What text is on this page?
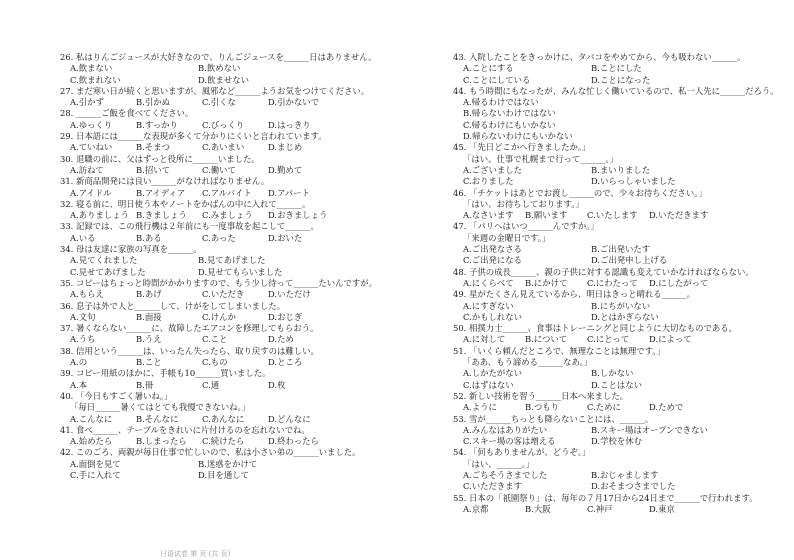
26. 私はりんごジュースが大好きなので、りんごジュースを______日はありません。
A.飲まない	B.飲めない
C.飲まれない	D.飲ませない
27. まだ寒い日が続くと思いますが、風邪など______ようお気をつけてください。
A.引かず	B.引かぬ	C.引くな	D.引かないで
28. ______ご飯を食べてください。
A.ゆっくり	B.すっかり	C.びっくり	D.はっきり
29. 日本語には______な表現が多くて分かりにくいと言われています。
A.ていねい	B.そまつ	C.あいまい	D.まじめ
30. 退職の前に、父はずっと役所に______いました。
A.訪ねて	B.招いて	C.働いて	D.勤めて
31. 新商品開発には良い______がなければなりません。
A.アイドル	B.アイディア	C.アルバイト	D.アパート
32. 寝る前に、明日使う本やノートをかばんの中に入れて______。
A.ありましょう B.きましょう	C.みましょう	D.おきましょう
33. 記録では、この飛行機は２年前にも一度事故を起こして______。
A.いる	B.ある	C.あった	D.おいた
34. 母は友達に家族の写真を______。
A.見てくれました	B.見てあげました
C.見せてあげました	D.見せてもらいました
35. コピーはちょっと時間がかかりますので、もう少し待って______たいんですが。
A.もらえ	B.あげ	C.いただき	D.いただけ
36. 息子は外で人と______して、けがをしてしまいました。
A.文句	B.面接	C.けんか	D.おじぎ
37. 暑くならない______に、故障したエアコンを修理してもらおう。
A.うち	B.うえ	C.こと	D.ため
38. 信用という______は、いったん失ったら、取り戻すのは難しい。
A.の	B.こと	C.もの	D.ところ
39. コピー用紙のほかに、手帳も10______買いました。
A.本	B.冊	C.通	D.枚
40. 「今日もすごく暑いね。」
「毎日______暑くてはとても我慢できないね。」
A.こんなに	B.そんなに	C.あんなに	D.どんなに
41. 食べ______、テーブルをきれいに片付けるのを忘れないでね。
A.始めたら	B.しまったら	C.続けたら	D.終わったら
42. このごろ、両親が毎日仕事で忙しいので、私は小さい弟の______いました。
A.面倒を見て	B.迷惑をかけて
C.手に入れて	D.目を通して
43. 入院したことをきっかけに、タバコをやめてから、今も吸わない______。
A.ことにする	B.ことにした
C.ことにしている	D.ことになった
44. もう時間にもなったが、みんな忙しく働いているので、私一人先に______だろう。
A.帰るわけではない
B.帰らないわけではない
C.帰るわけにもいかない
D.帰らないわけにもいかない
45. 「先日どこかへ行きましたか。」
「はい。仕事で札幌まで行って______。」
A.ございました	B.まいりました
C.おりました	D.いらっしゃいました
46. 「チケットはあとでお渡し______ので、少々お待ちください。」
「はい、お待ちしております。」
A.なさいます	B.願います	C.いたします	D.いただきます
47. 「パリへはいつ______んですか。」
「来週の金曜日です。」
A.ご出発なさる	B.ご出発いたす
C.ご出発になる	D.ご出発申し上げる
48. 子供の成長______、親の子供に対する認識も変えていかなければならない。
A.にくらべて	B.にかけて	C.にわたって	D.にしたがって
49. 星がたくさん見えているから、明日はきっと晴れる______。
A.にすぎない	B.にちがいない
C.かもしれない	D.とはかぎらない
50. 相撲力士______、食事はトレーニングと同じように大切なものである。
A.に対して	B.について	C.にとって	D.によって
51. 「いくら頼んだところで、無理なことは無理です。」
「ああ、もう諦める______なあ。」
A.しかたがない	B.しかない
C.はずはない	D.ことはない
52. 新しい技術を習う______日本へ来ました。
A.ように	B.つもり	C.ために	D.ためで
53. 雪が______ちっとも降らないことには、______。
A.みんなはありがたい	B.スキー場はオープンできない
C.スキー場の客は増える	D.学校を休む
54. 「何もありませんが、どうぞ。」
「はい、______。」
A.ごちそうさまでした	B.おじゃまします
C.いただきます	D.おそまつさまでした
55. 日本の「祇園祭り」は、毎年の７月17日から24日まで______で行われます。
A.京都	B.大阪	C.神戸	D.東京
日语试卷 第 页 (共 页)
